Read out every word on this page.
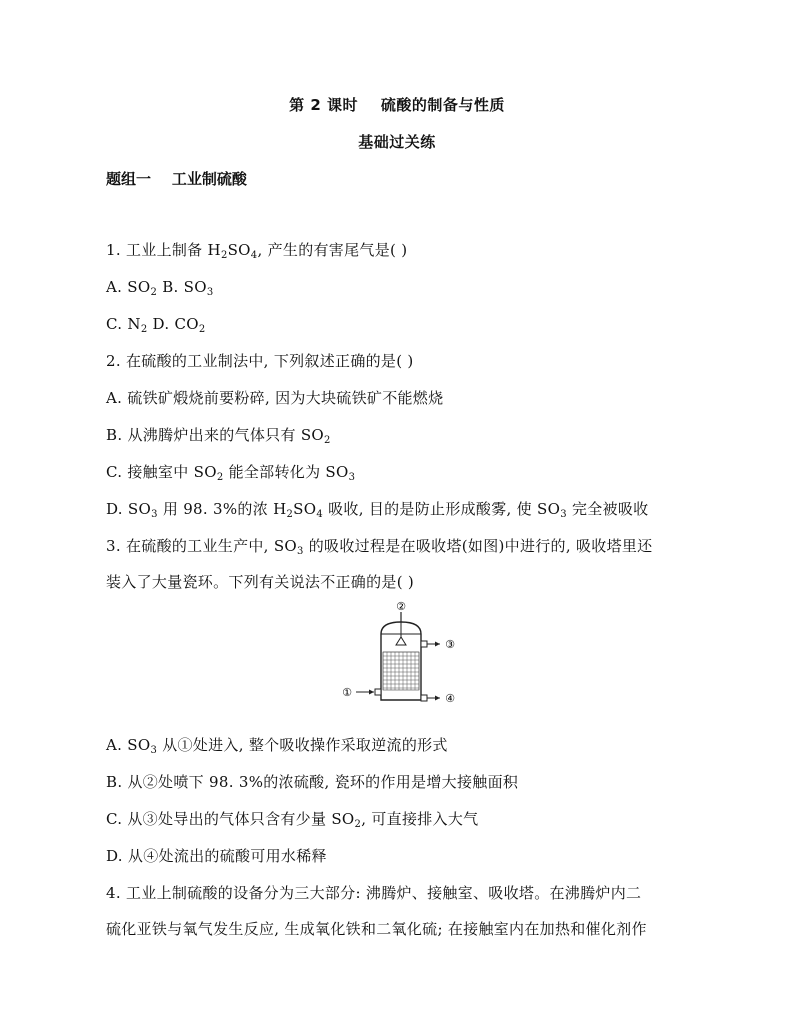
第 2 课时    硫酸的制备与性质
基础过关练
题组一    工业制硫酸
1. 工业上制备 $H_2SO_4$, 产生的有害尾气是( )
A. $SO_2$ B. $SO_3$
C. $N_2$ D. $CO_2$
2. 在硫酸的工业制法中, 下列叙述正确的是( )
A. 硫铁矿煅烧前要粉碎, 因为大块硫铁矿不能燃烧
B. 从沸腾炉出来的气体只有 $SO_2$
C. 接触室中 $SO_2$ 能全部转化为 $SO_3$
D. $SO_3$ 用 98. 3%的浓 $H_2SO_4$ 吸收, 目的是防止形成酸雾, 使 $SO_3$ 完全被吸收
3. 在硫酸的工业生产中, $SO_3$ 的吸收过程是在吸收塔(如图)中进行的, 吸收塔里还
装入了大量瓷环。下列有关说法不正确的是( )
②
③
④
①
A. $SO_3$ 从①处进入, 整个吸收操作采取逆流的形式
B. 从②处喷下 98. 3%的浓硫酸, 瓷环的作用是增大接触面积
C. 从③处导出的气体只含有少量 $SO_2$, 可直接排入大气
D. 从④处流出的硫酸可用水稀释
4. 工业上制硫酸的设备分为三大部分: 沸腾炉、接触室、吸收塔。在沸腾炉内二
硫化亚铁与氧气发生反应, 生成氧化铁和二氧化硫; 在接触室内在加热和催化剂作
